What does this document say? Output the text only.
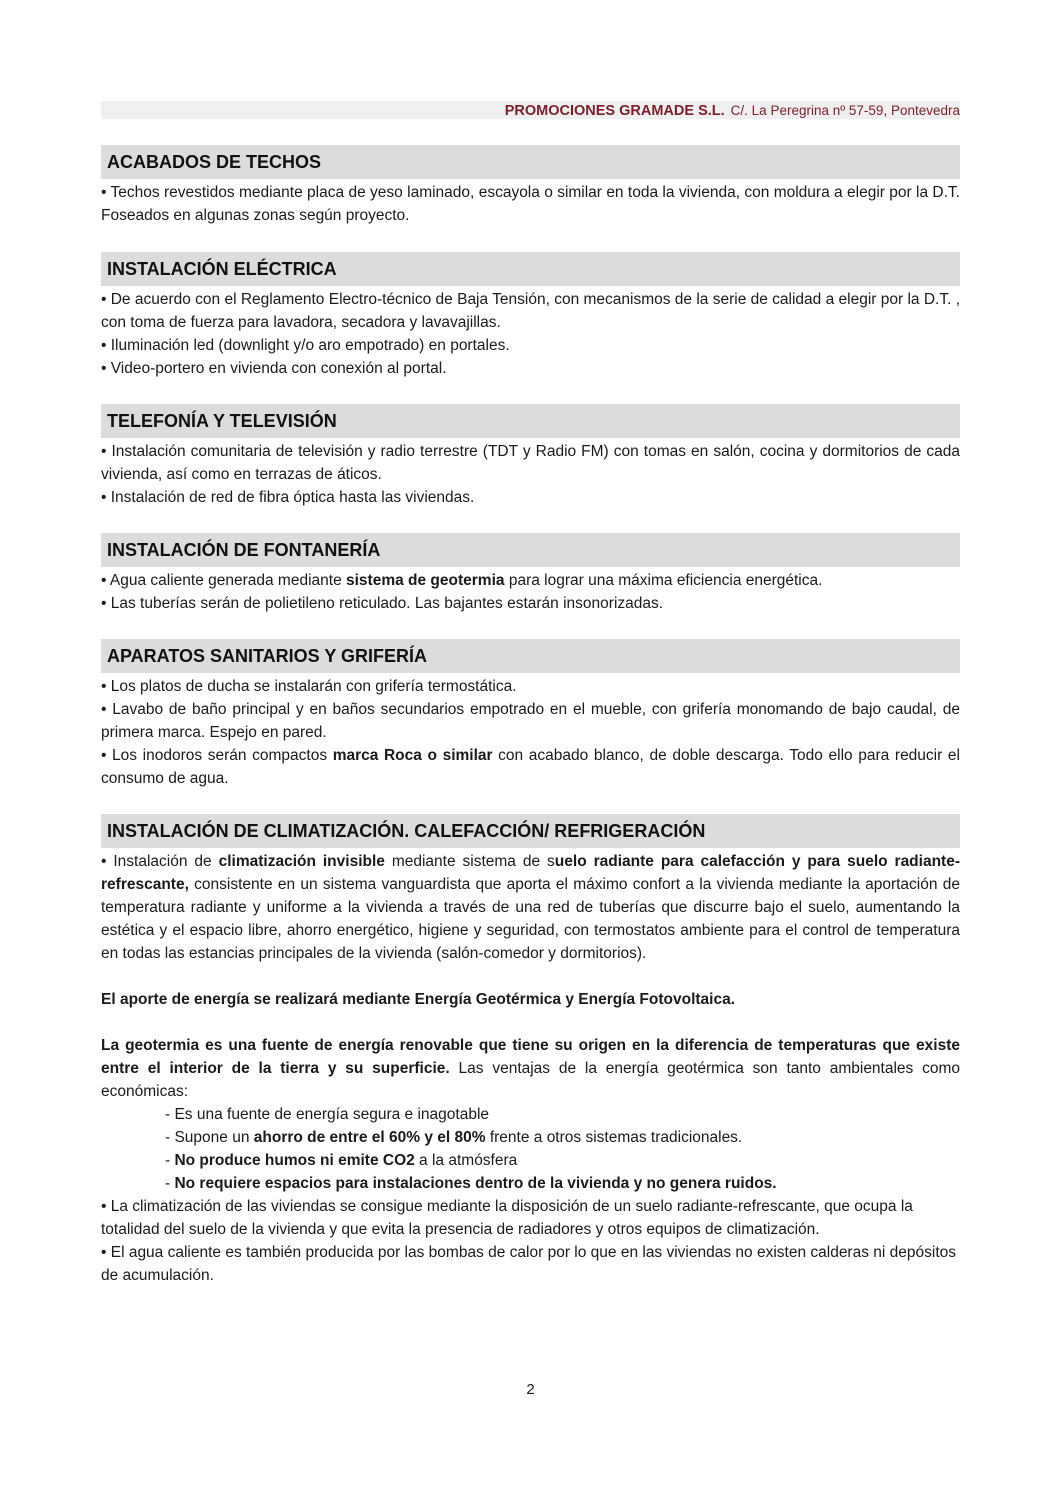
PROMOCIONES GRAMADE S.L. C/. La Peregrina nº 57-59, Pontevedra
ACABADOS DE TECHOS

• Techos revestidos mediante placa de yeso laminado, escayola o similar en toda la vivienda, con moldura a elegir por la D.T. Foseados en algunas zonas según proyecto.

INSTALACIÓN ELÉCTRICA

• De acuerdo con el Reglamento Electro-técnico de Baja Tensión, con mecanismos de la serie de calidad a elegir por la D.T. , con toma de fuerza para lavadora, secadora y lavavajillas.

• Iluminación led (downlight y/o aro empotrado) en portales.

• Video-portero en vivienda con conexión al portal.

TELEFONÍA Y TELEVISIÓN

• Instalación comunitaria de televisión y radio terrestre (TDT y Radio FM) con tomas en salón, cocina y dormitorios de cada vivienda, así como en terrazas de áticos.

• Instalación de red de fibra óptica hasta las viviendas.

INSTALACIÓN DE FONTANERÍA

• Agua caliente generada mediante sistema de geotermia para lograr una máxima eficiencia energética.

• Las tuberías serán de polietileno reticulado. Las bajantes estarán insonorizadas.

APARATOS SANITARIOS Y GRIFERÍA

• Los platos de ducha se instalarán con grifería termostática.

• Lavabo de baño principal y en baños secundarios empotrado en el mueble, con grifería monomando de bajo caudal, de primera marca. Espejo en pared.

• Los inodoros serán compactos marca Roca o similar con acabado blanco, de doble descarga. Todo ello para reducir el consumo de agua.

INSTALACIÓN DE CLIMATIZACIÓN. CALEFACCIÓN/ REFRIGERACIÓN

• Instalación de climatización invisible mediante sistema de suelo radiante para calefacción y para suelo radiante-refrescante, consistente en un sistema vanguardista que aporta el máximo confort a la vivienda mediante la aportación de temperatura radiante y uniforme a la vivienda a través de una red de tuberías que discurre bajo el suelo, aumentando la estética y el espacio libre, ahorro energético, higiene y seguridad, con termostatos ambiente para el control de temperatura en todas las estancias principales de la vivienda (salón-comedor y dormitorios).

El aporte de energía se realizará mediante Energía Geotérmica y Energía Fotovoltaica.

La geotermia es una fuente de energía renovable que tiene su origen en la diferencia de temperaturas que existe entre el interior de la tierra y su superficie. Las ventajas de la energía geotérmica son tanto ambientales como económicas:

- Es una fuente de energía segura e inagotable

- Supone un ahorro de entre el 60% y el 80% frente a otros sistemas tradicionales.

- No produce humos ni emite CO2 a la atmósfera

- No requiere espacios para instalaciones dentro de la vivienda y no genera ruidos.

• La climatización de las viviendas se consigue mediante la disposición de un suelo radiante-refrescante, que ocupa la totalidad del suelo de la vivienda y que evita la presencia de radiadores y otros equipos de climatización.

• El agua caliente es también producida por las bombas de calor por lo que en las viviendas no existen calderas ni depósitos de acumulación.

2
